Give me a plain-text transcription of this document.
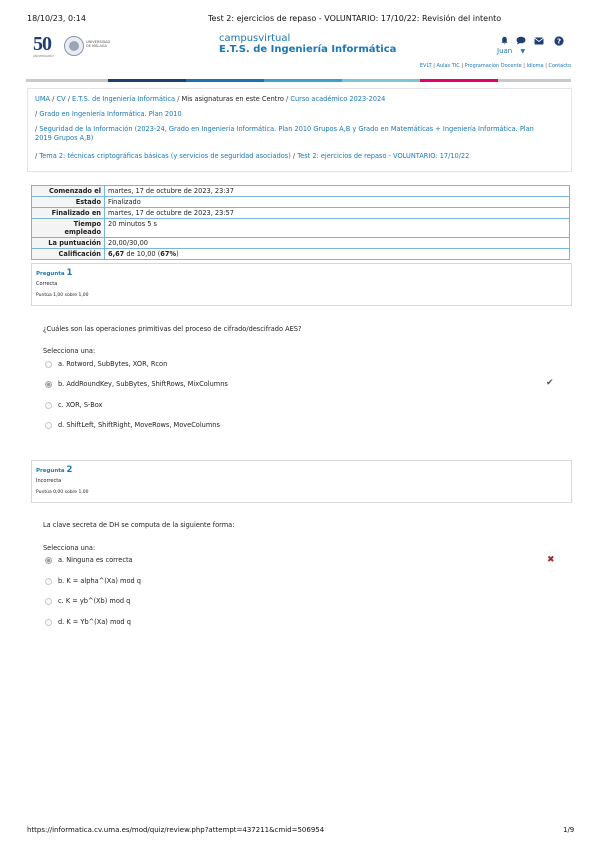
18/10/23, 0:14	Test 2: ejercicios de repaso - VOLUNTARIO: 17/10/22: Revisión del intento
50
ANIVERSARIO
UNIVERSIDAD
DE MÁLAGA
campusvirtual
E.T.S. de Ingeniería Informática
?
Juan ▼
EVLT | Aulas TIC | Programación Docente | Idioma | Contacto
UMA / CV / E.T.S. de Ingeniería Informática / Mis asignaturas en este Centro / Curso académico 2023-2024
/ Grado en Ingeniería Informática. Plan 2010
/ Seguridad de la Información (2023-24, Grado en Ingeniería Informática. Plan 2010 Grupos A,B y Grado en Matemáticas + Ingeniería Informática. Plan
2019 Grupos A,B)
/ Tema 2: técnicas criptográficas básicas (y servicios de seguridad asociados) / Test 2: ejercicios de repaso - VOLUNTARIO: 17/10/22
Comenzado el	martes, 17 de octubre de 2023, 23:37
Estado	Finalizado
Finalizado en	martes, 17 de octubre de 2023, 23:57
Tiempo empleado	20 minutos 5 s
La puntuación	20,00/30,00
Calificación	6,67 de 10,00 (67%)
Pregunta 1
Correcta
Puntúa 1,00 sobre 1,00
¿Cuáles son las operaciones primitivas del proceso de cifrado/descifrado AES?
Selecciona una:
a. Rotword, SubBytes, XOR, Rcon
b. AddRoundKey, SubBytes, ShiftRows, MixColumns
c. XOR, S-Box
d. ShiftLeft, ShiftRight, MoveRows, MoveColumns
✔
Pregunta 2
Incorrecta
Puntúa 0,00 sobre 1,00
La clave secreta de DH se computa de la siguiente forma:
Selecciona una:
a. Ninguna es correcta
b. K = alpha^(Xa) mod q
c. K = yb^(Xb) mod q
d. K = Yb^(Xa) mod q
✖
https://informatica.cv.uma.es/mod/quiz/review.php?attempt=437211&cmid=506954	1/9
